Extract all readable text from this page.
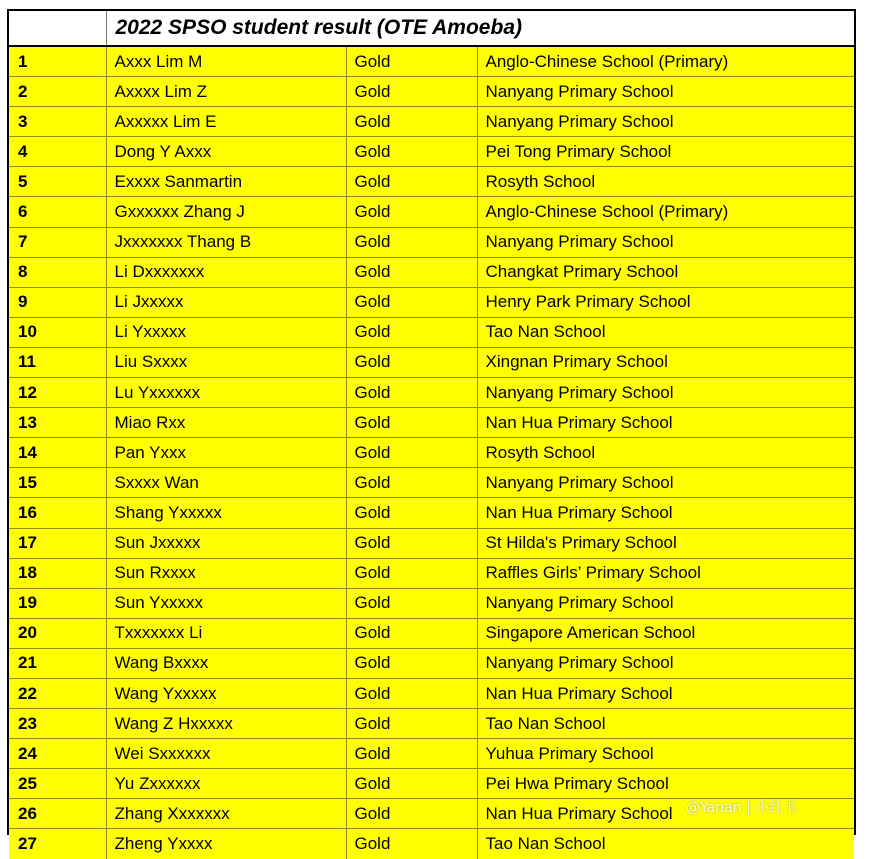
	2022 SPSO student result (OTE Amoeba)		
1	Axxx Lim M	Gold	Anglo-Chinese School (Primary)
2	Axxxx Lim Z	Gold	Nanyang Primary School
3	Axxxxx Lim E	Gold	Nanyang Primary School
4	Dong Y Axxx	Gold	Pei Tong Primary School
5	Exxxx Sanmartin	Gold	Rosyth School
6	Gxxxxxx Zhang J	Gold	Anglo-Chinese School (Primary)
7	Jxxxxxxx Thang B	Gold	Nanyang Primary School
8	Li Dxxxxxxx	Gold	Changkat Primary School
9	Li Jxxxxx	Gold	Henry Park Primary School
10	Li Yxxxxx	Gold	Tao Nan School
11	Liu Sxxxx	Gold	Xingnan Primary School
12	Lu Yxxxxxx	Gold	Nanyang Primary School
13	Miao Rxx	Gold	Nan Hua Primary School
14	Pan Yxxx	Gold	Rosyth School
15	Sxxxx Wan	Gold	Nanyang Primary School
16	Shang Yxxxxx	Gold	Nan Hua Primary School
17	Sun Jxxxxx	Gold	St Hilda's Primary School
18	Sun Rxxxx	Gold	Raffles Girls’ Primary School
19	Sun Yxxxxx	Gold	Nanyang Primary School
20	Txxxxxxx Li	Gold	Singapore American School
21	Wang Bxxxx	Gold	Nanyang Primary School
22	Wang Yxxxxx	Gold	Nan Hua Primary School
23	Wang Z Hxxxxx	Gold	Tao Nan School
24	Wei Sxxxxxx	Gold	Yuhua Primary School
25	Yu Zxxxxxx	Gold	Pei Hwa Primary School
26	Zhang Xxxxxxx	Gold	Nan Hua Primary School
27	Zheng Yxxxx	Gold	Tao Nan School
@Yanan | 小红书
